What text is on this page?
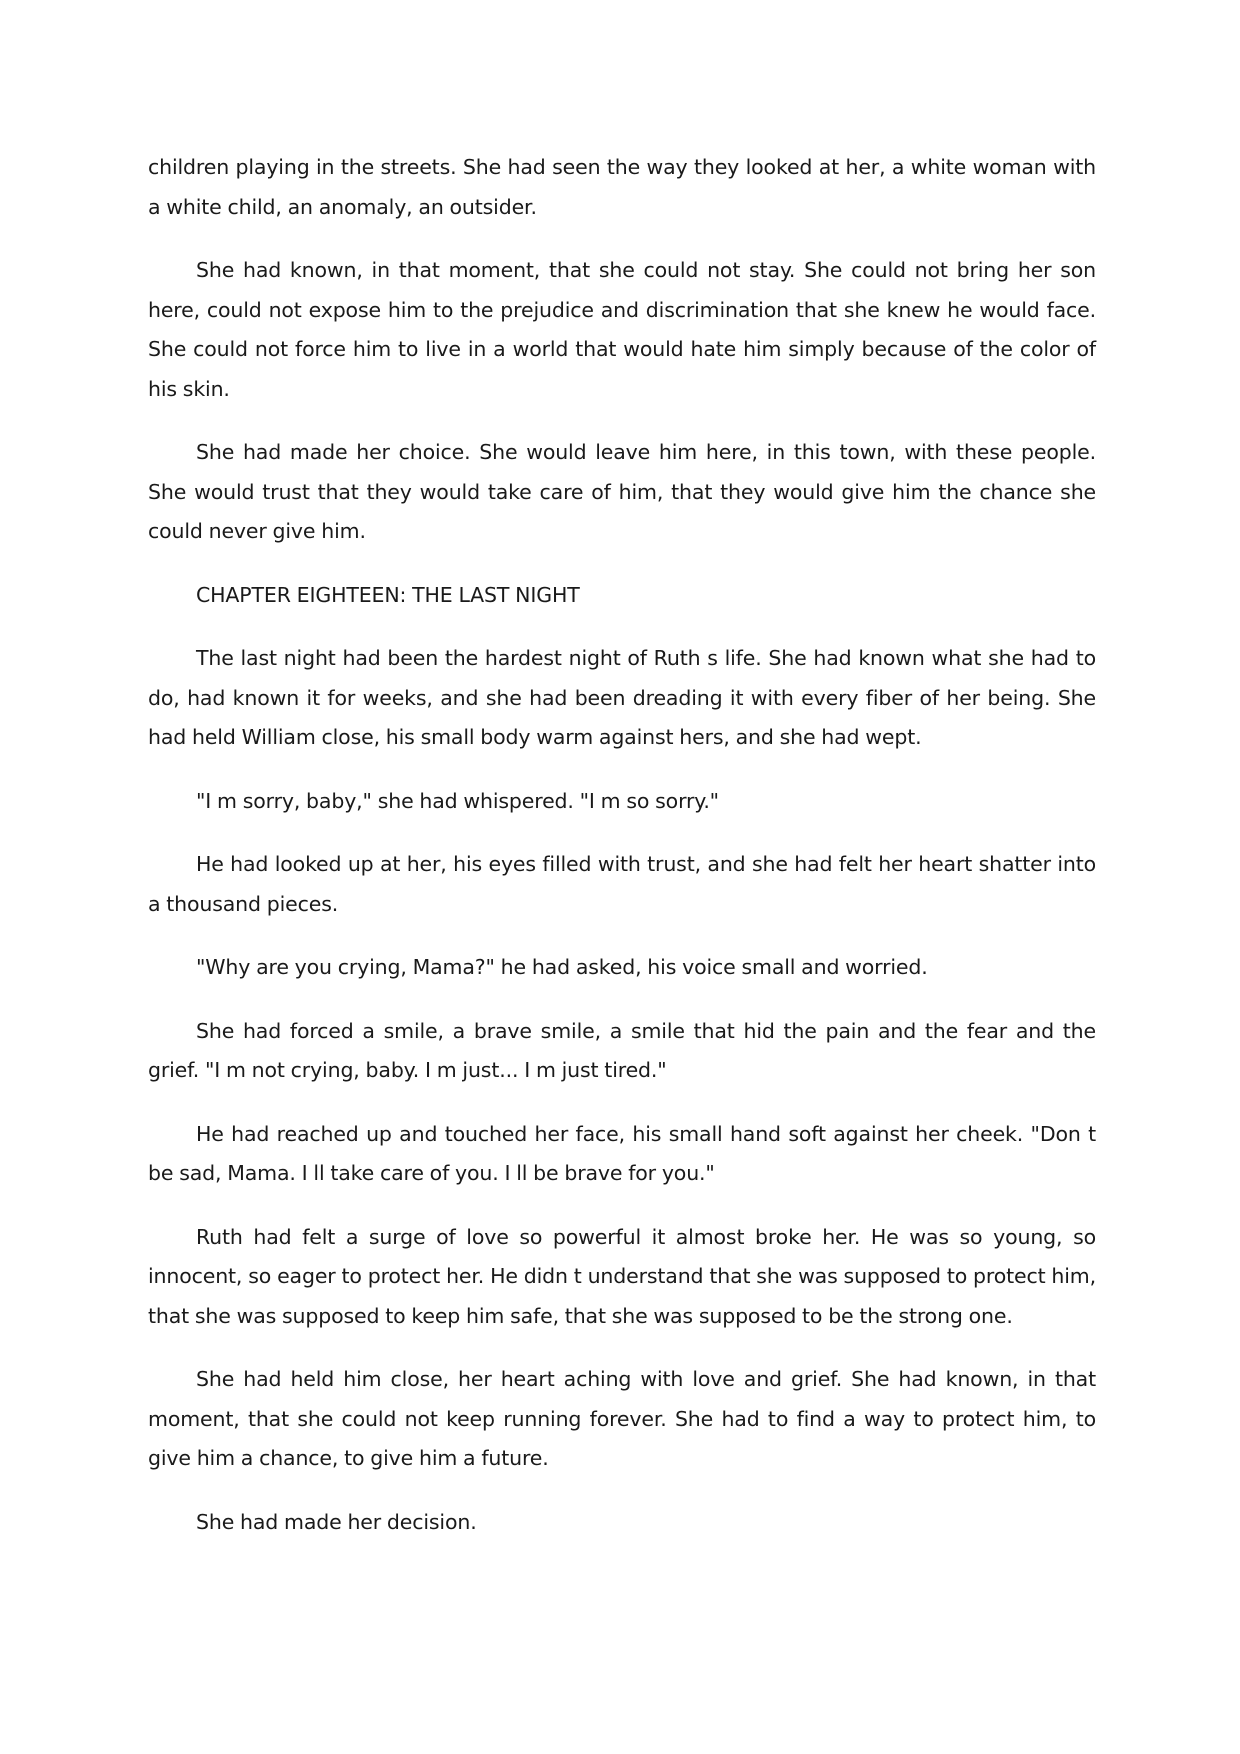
children playing in the streets. She had seen the way they looked at her, a white woman with a white child, an anomaly, an outsider.

She had known, in that moment, that she could not stay. She could not bring her son here, could not expose him to the prejudice and discrimination that she knew he would face. She could not force him to live in a world that would hate him simply because of the color of his skin.

She had made her choice. She would leave him here, in this town, with these people. She would trust that they would take care of him, that they would give him the chance she could never give him.

CHAPTER EIGHTEEN: THE LAST NIGHT

The last night had been the hardest night of Ruth s life. She had known what she had to do, had known it for weeks, and she had been dreading it with every fiber of her being. She had held William close, his small body warm against hers, and she had wept.

"I m sorry, baby," she had whispered. "I m so sorry."

He had looked up at her, his eyes filled with trust, and she had felt her heart shatter into a thousand pieces.

"Why are you crying, Mama?" he had asked, his voice small and worried.

She had forced a smile, a brave smile, a smile that hid the pain and the fear and the grief. "I m not crying, baby. I m just... I m just tired."

He had reached up and touched her face, his small hand soft against her cheek. "Don t be sad, Mama. I ll take care of you. I ll be brave for you."

Ruth had felt a surge of love so powerful it almost broke her. He was so young, so innocent, so eager to protect her. He didn t understand that she was supposed to protect him, that she was supposed to keep him safe, that she was supposed to be the strong one.

She had held him close, her heart aching with love and grief. She had known, in that moment, that she could not keep running forever. She had to find a way to protect him, to give him a chance, to give him a future.

She had made her decision.
